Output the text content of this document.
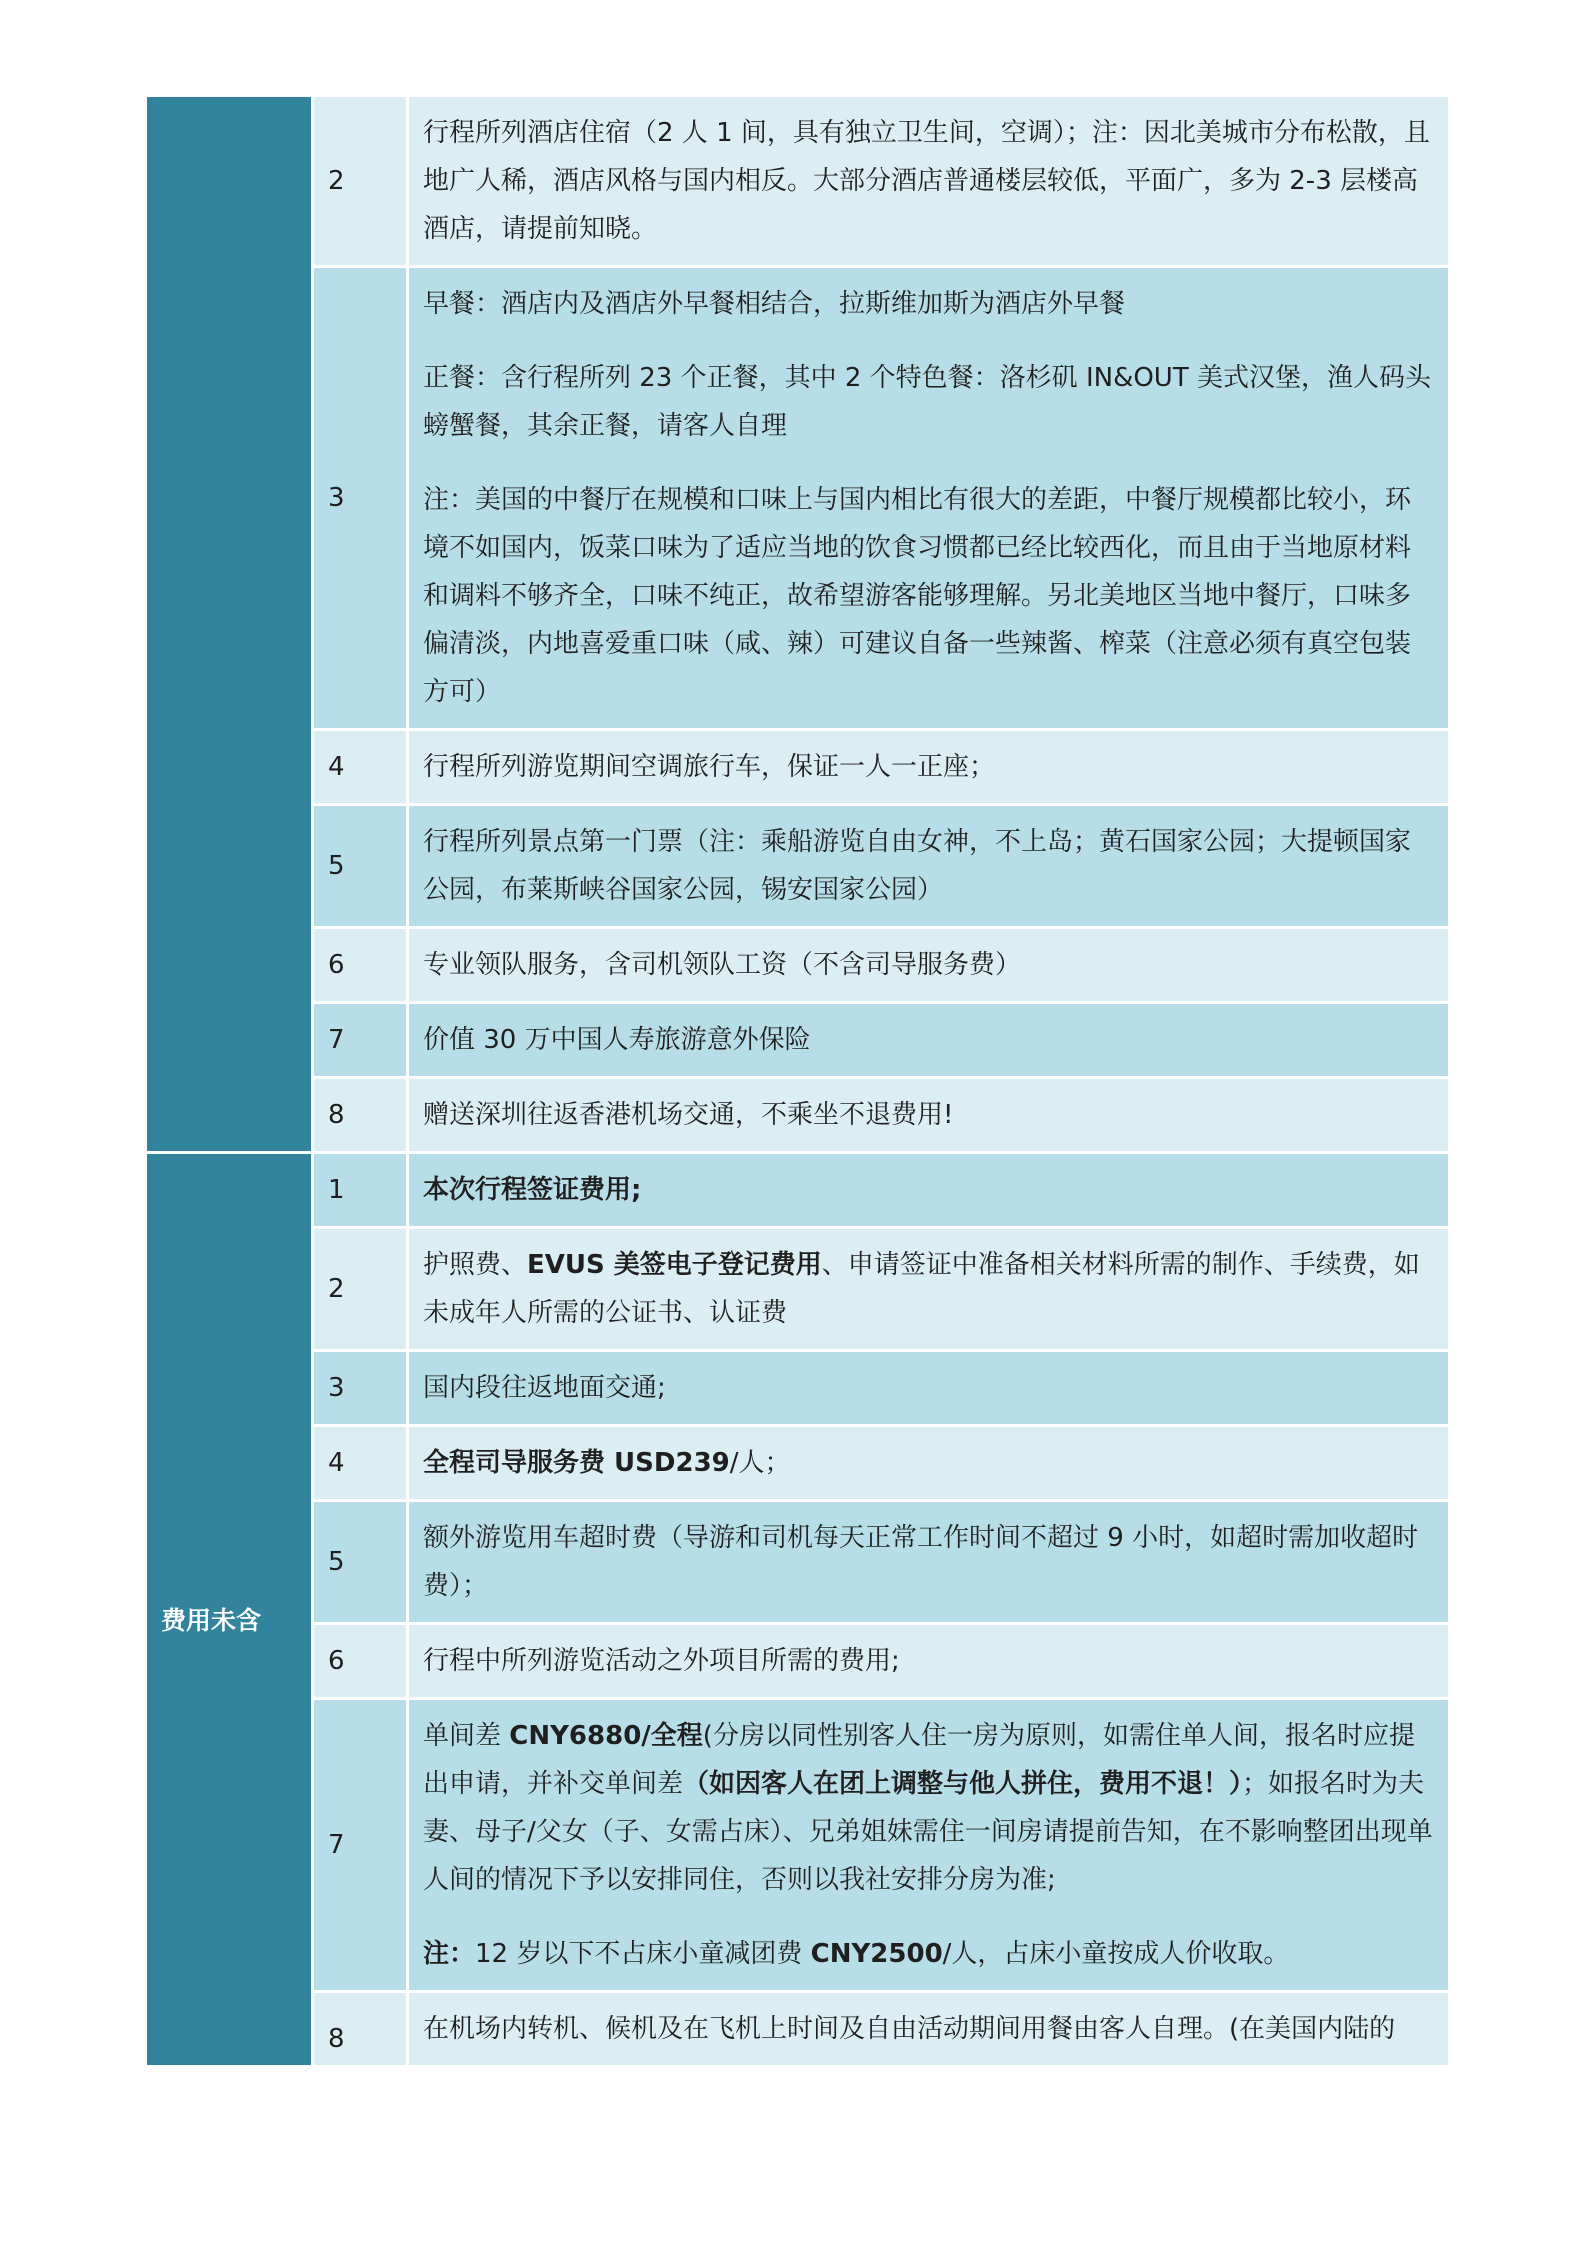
	2	行程所列酒店住宿（2 人 1 间，具有独立卫生间，空调）；注：因北美城市分布松散，且地广人稀，酒店风格与国内相反。大部分酒店普通楼层较低，平面广，多为 2-3 层楼高酒店，请提前知晓。

	3	早餐：酒店内及酒店外早餐相结合，拉斯维加斯为酒店外早餐

正餐：含行程所列 23 个正餐，其中 2 个特色餐：洛杉矶 IN&OUT 美式汉堡，渔人码头螃蟹餐，其余正餐，请客人自理

注：美国的中餐厅在规模和口味上与国内相比有很大的差距，中餐厅规模都比较小，环境不如国内，饭菜口味为了适应当地的饮食习惯都已经比较西化，而且由于当地原材料和调料不够齐全，口味不纯正，故希望游客能够理解。另北美地区当地中餐厅，口味多偏清淡，内地喜爱重口味（咸、辣）可建议自备一些辣酱、榨菜（注意必须有真空包装方可）

	4	行程所列游览期间空调旅行车，保证一人一正座；

	5	行程所列景点第一门票（注：乘船游览自由女神，不上岛；黄石国家公园；大提顿国家公园，布莱斯峡谷国家公园，锡安国家公园）

	6	专业领队服务，含司机领队工资（不含司导服务费）

	7	价值 30 万中国人寿旅游意外保险

	8	赠送深圳往返香港机场交通，不乘坐不退费用!

费用未含	1	本次行程签证费用;

	2	护照费、EVUS 美签电子登记费用、申请签证中准备相关材料所需的制作、手续费，如未成年人所需的公证书、认证费

	3	国内段往返地面交通;

	4	全程司导服务费 USD239/人；

	5	额外游览用车超时费（导游和司机每天正常工作时间不超过 9 小时，如超时需加收超时费）；

	6	行程中所列游览活动之外项目所需的费用;

	7	单间差 CNY6880/全程(分房以同性别客人住一房为原则，如需住单人间，报名时应提出申请，并补交单间差（如因客人在团上调整与他人拼住，费用不退！）；如报名时为夫妻、母子/父女（子、女需占床）、兄弟姐妹需住一间房请提前告知，在不影响整团出现单人间的情况下予以安排同住，否则以我社安排分房为准;

注：12 岁以下不占床小童减团费 CNY2500/人，占床小童按成人价收取。

	8	在机场内转机、候机及在飞机上时间及自由活动期间用餐由客人自理。(在美国内陆的
